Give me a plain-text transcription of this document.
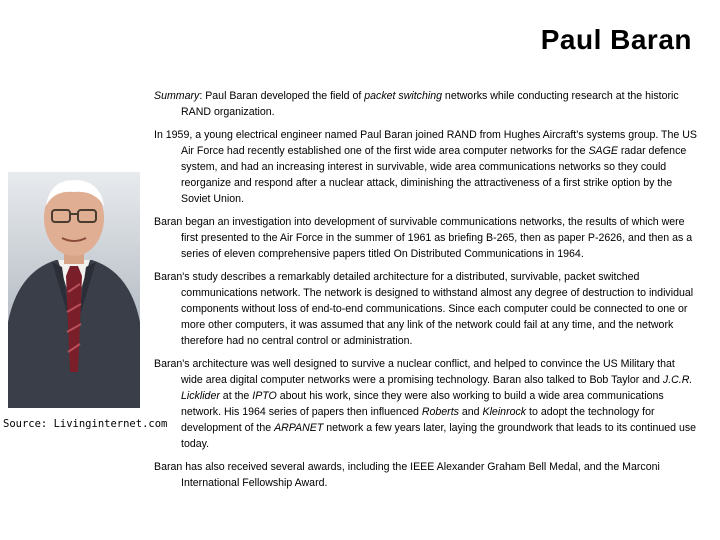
Paul Baran
Source: Livinginternet.com

Summary: Paul Baran developed the field of packet switching networks while conducting research at the historic RAND organization.

In 1959, a young electrical engineer named Paul Baran joined RAND from Hughes Aircraft's systems group. The US Air Force had recently established one of the first wide area computer networks for the SAGE radar defence system, and had an increasing interest in survivable, wide area communications networks so they could reorganize and respond after a nuclear attack, diminishing the attractiveness of a first strike option by the Soviet Union.

Baran began an investigation into development of survivable communications networks, the results of which were first presented to the Air Force in the summer of 1961 as briefing B-265, then as paper P-2626, and then as a series of eleven comprehensive papers titled On Distributed Communications in 1964.

Baran's study describes a remarkably detailed architecture for a distributed, survivable, packet switched communications network. The network is designed to withstand almost any degree of destruction to individual components without loss of end-to-end communications. Since each computer could be connected to one or more other computers, it was assumed that any link of the network could fail at any time, and the network therefore had no central control or administration.

Baran's architecture was well designed to survive a nuclear conflict, and helped to convince the US Military that wide area digital computer networks were a promising technology. Baran also talked to Bob Taylor and J.C.R. Licklider at the IPTO about his work, since they were also working to build a wide area communications network. His 1964 series of papers then influenced Roberts and Kleinrock to adopt the technology for development of the ARPANET network a few years later, laying the groundwork that leads to its continued use today.

Baran has also received several awards, including the IEEE Alexander Graham Bell Medal, and the Marconi International Fellowship Award.
